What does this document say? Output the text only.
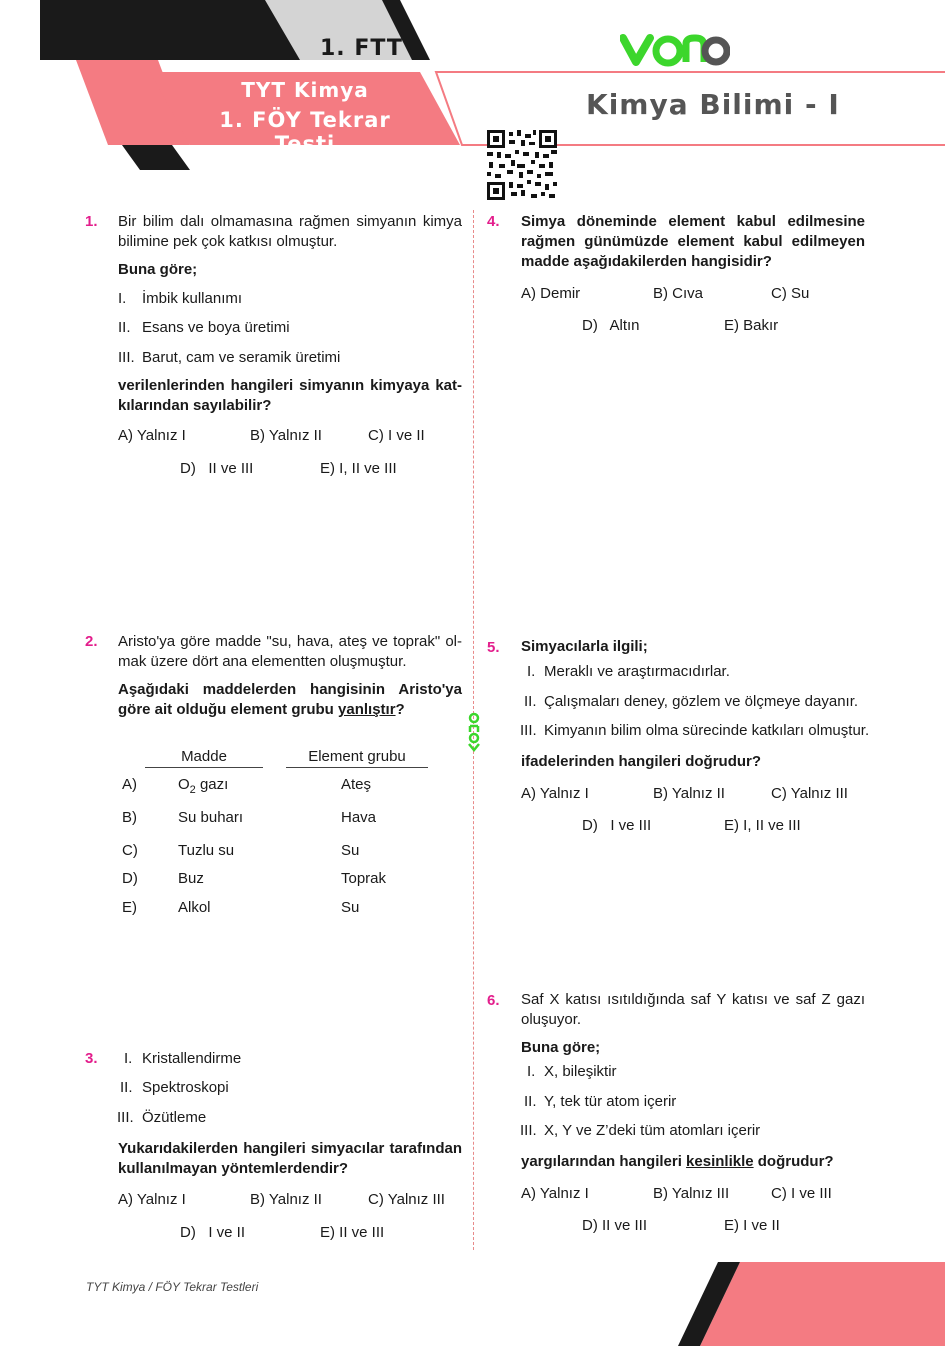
1. FTT
TYT Kimya
1. FÖY Tekrar Testi
Kimya Bilimi - I
1. Bir bilim dalı olmamasına rağmen simyanın kimya bilimine pek çok katkısı olmuştur.
Buna göre;
I. İmbik kullanımı
II. Esans ve boya üretimi
III. Barut, cam ve seramik üretimi
verilenlerinden hangileri simyanın kimyaya kat-kılarından sayılabilir?
A) Yalnız I	B) Yalnız II	C) I ve II
D)   II ve III	E) I, II ve III
2. Aristo'ya göre madde "su, hava, ateş ve toprak" ol-mak üzere dört ana elementten oluşmuştur.
Aşağıdaki maddelerden hangisinin Aristo'ya göre ait olduğu element grubu yanlıştır?
Madde	Element grubu
A)	$O_2$ gazı	Ateş
B)	Su buharı	Hava
C)	Tuzlu su	Su
D)	Buz	Toprak
E)	Alkol	Su
3. I. Kristallendirme
II. Spektroskopi
III. Özütleme
Yukarıdakilerden hangileri simyacılar tarafından kullanılmayan yöntemlerdendir?
A) Yalnız I	B) Yalnız II	C) Yalnız III
D)   I ve II	E) II ve III
4. Simya döneminde element kabul edilmesine rağmen günümüzde element kabul edilmeyen madde aşağıdakilerden hangisidir?
A) Demir	B) Cıva	C) Su
D)   Altın	E) Bakır
5. Simyacılarla ilgili;
I. Meraklı ve araştırmacıdırlar.
II. Çalışmaları deney, gözlem ve ölçmeye dayanır.
III. Kimyanın bilim olma sürecinde katkıları olmuştur.
ifadelerinden hangileri doğrudur?
A) Yalnız I	B) Yalnız II	C) Yalnız III
D)   I ve III	E) I, II ve III
6. Saf X katısı ısıtıldığında saf Y katısı ve saf Z gazı oluşuyor.
Buna göre;
I. X, bileşiktir
II. Y, tek tür atom içerir
III. X, Y ve Z’deki tüm atomları içerir
yargılarından hangileri kesinlikle doğrudur?
A) Yalnız I	B) Yalnız III	C) I ve III
D) II ve III	E) I ve II
TYT Kimya / FÖY Tekrar Testleri
